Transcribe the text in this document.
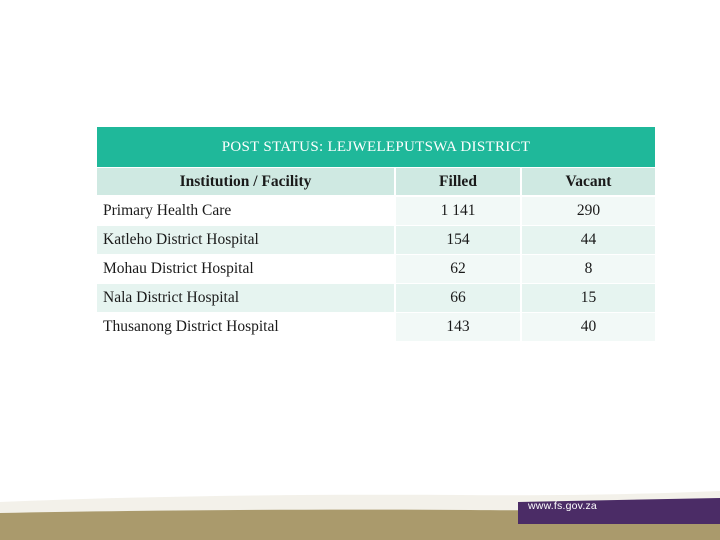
POST STATUS: LEJWELEPUTSWA DISTRICT		
Institution / Facility	Filled	Vacant
Primary Health Care	1 141	290
Katleho District Hospital	154	44
Mohau District Hospital	62	8
Nala District Hospital	66	15
Thusanong District Hospital	143	40
www.fs.gov.za
